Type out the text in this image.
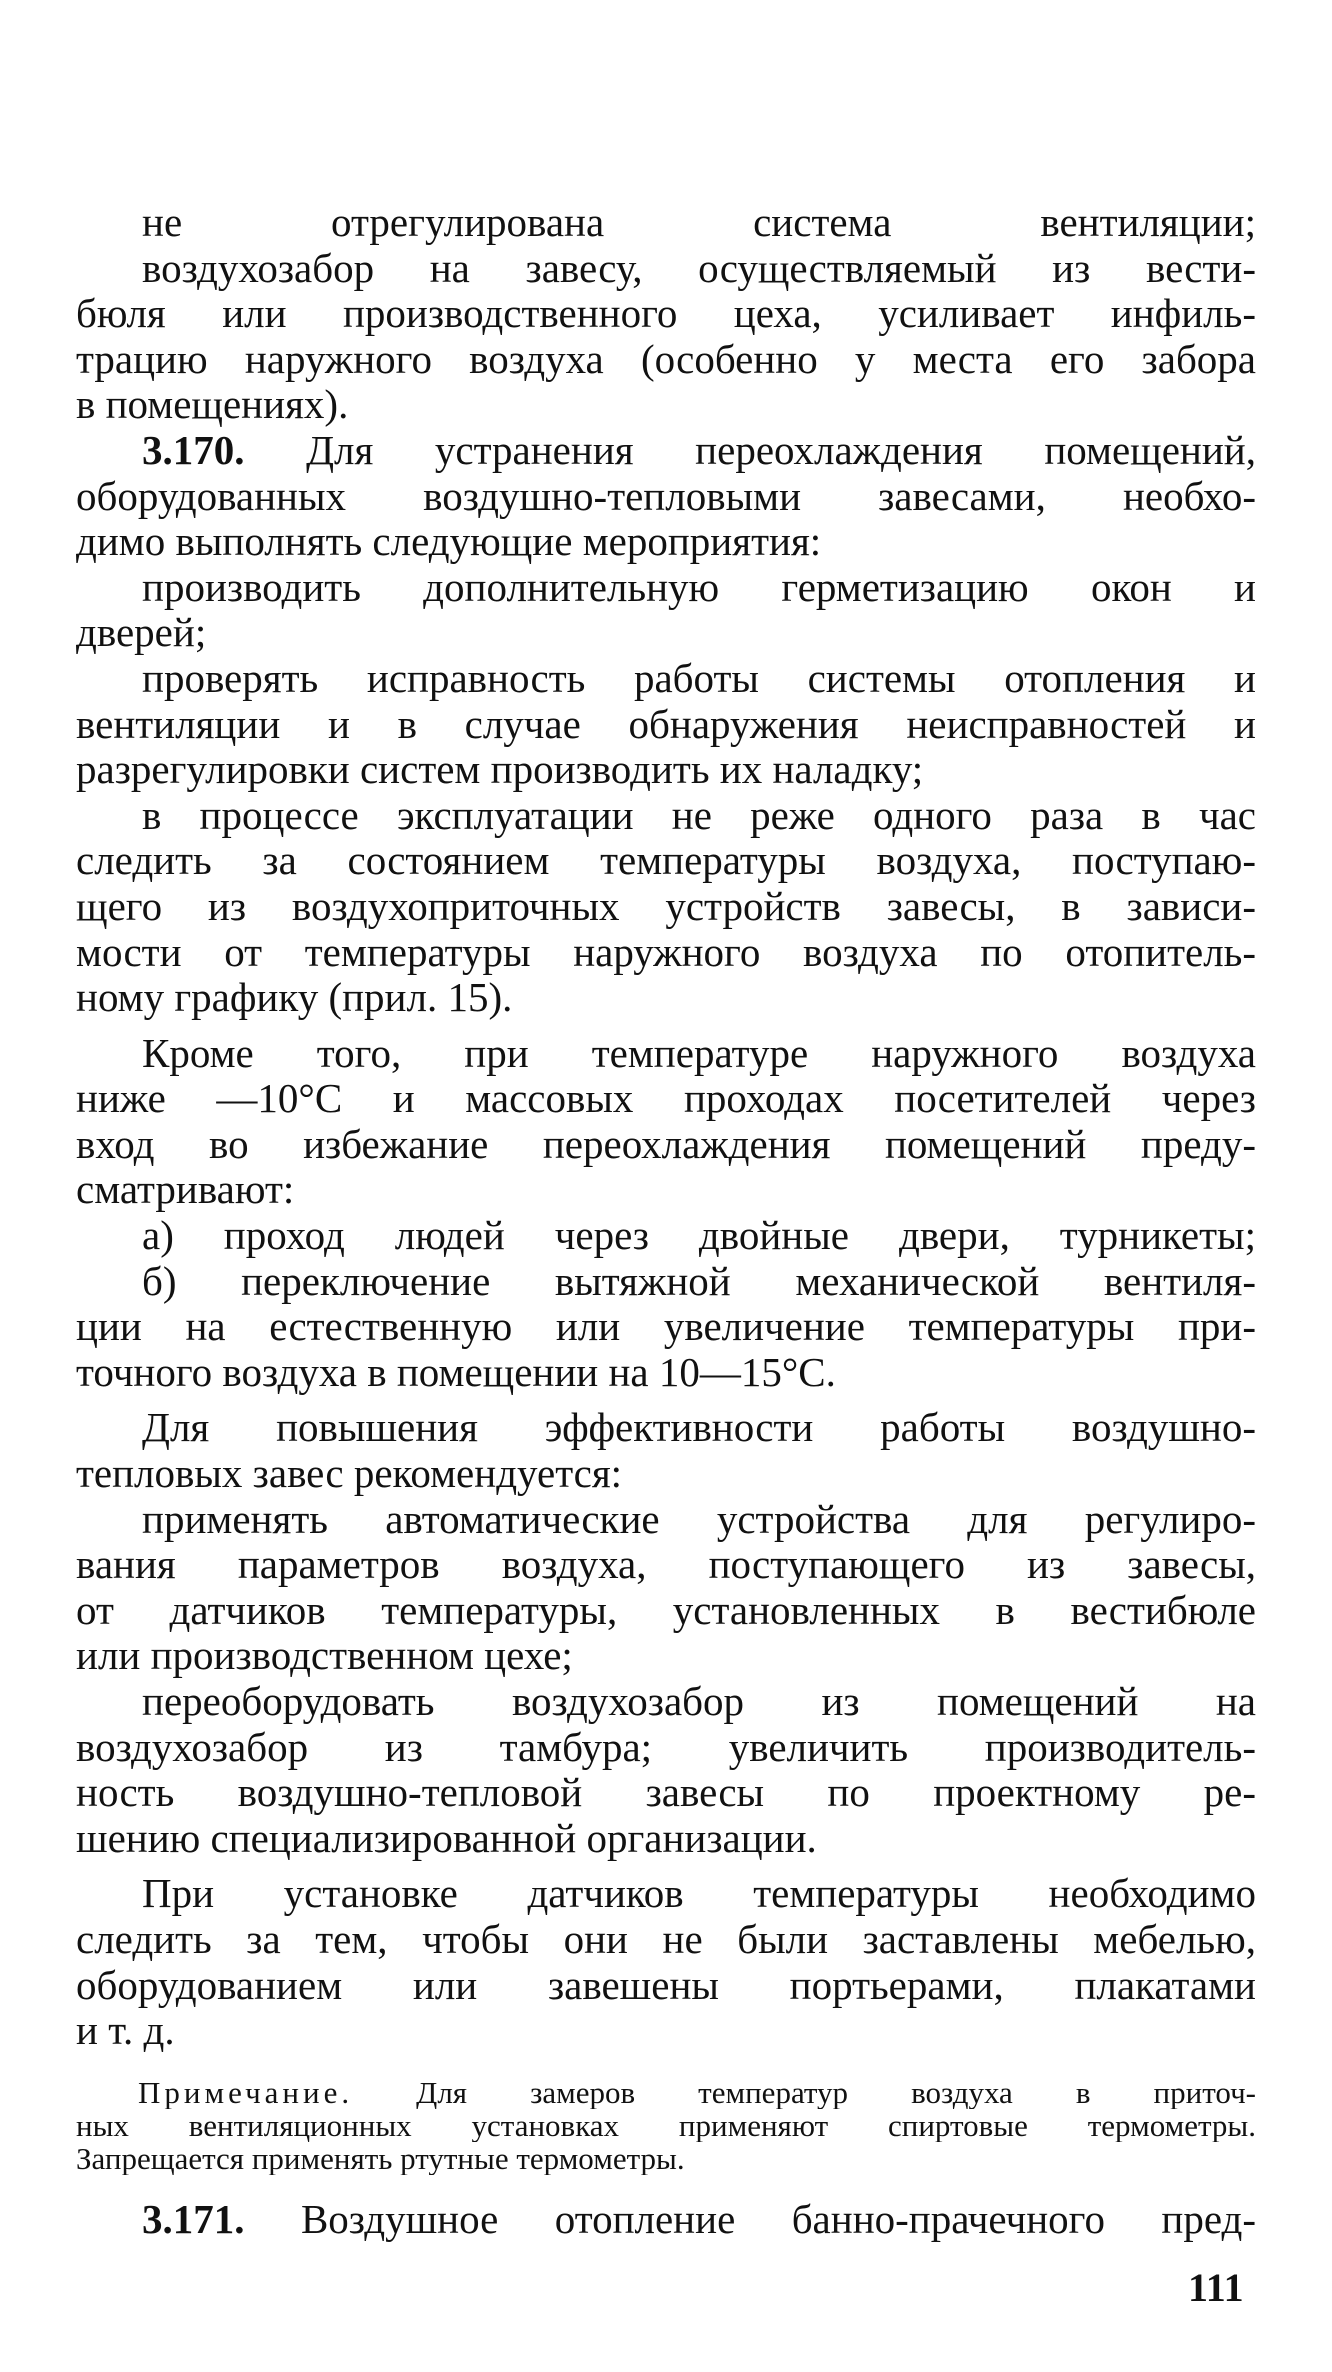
не отрегулирована система вентиляции;
воздухозабор на завесу, осуществляемый из вести-
бюля или производственного цеха, усиливает инфиль-
трацию наружного воздуха (особенно у места его забора
в помещениях).
3.170. Для устранения переохлаждения помещений,
оборудованных воздушно-тепловыми завесами, необхо-
димо выполнять следующие мероприятия:
производить дополнительную герметизацию окон и
дверей;
проверять исправность работы системы отопления и
вентиляции и в случае обнаружения неисправностей и
разрегулировки систем производить их наладку;
в процессе эксплуатации не реже одного раза в час
следить за состоянием температуры воздуха, поступаю-
щего из воздухоприточных устройств завесы, в зависи-
мости от температуры наружного воздуха по отопитель-
ному графику (прил. 15).
Кроме того, при температуре наружного воздуха
ниже —10°С и массовых проходах посетителей через
вход во избежание переохлаждения помещений преду-
сматривают:
а) проход людей через двойные двери, турникеты;
б) переключение вытяжной механической вентиля-
ции на естественную или увеличение температуры при-
точного воздуха в помещении на 10—15°С.
Для повышения эффективности работы воздушно-
тепловых завес рекомендуется:
применять автоматические устройства для регулиро-
вания параметров воздуха, поступающего из завесы,
от датчиков температуры, установленных в вестибюле
или производственном цехе;
переоборудовать воздухозабор из помещений на
воздухозабор из тамбура; увеличить производитель-
ность воздушно-тепловой завесы по проектному ре-
шению специализированной организации.
При установке датчиков температуры необходимо
следить за тем, чтобы они не были заставлены мебелью,
оборудованием или завешены портьерами, плакатами
и т. д.
Примечание. Для замеров температур воздуха в приточ-
ных вентиляционных установках применяют спиртовые термометры.
Запрещается применять ртутные термометры.
3.171. Воздушное отопление банно-прачечного пред-
111
